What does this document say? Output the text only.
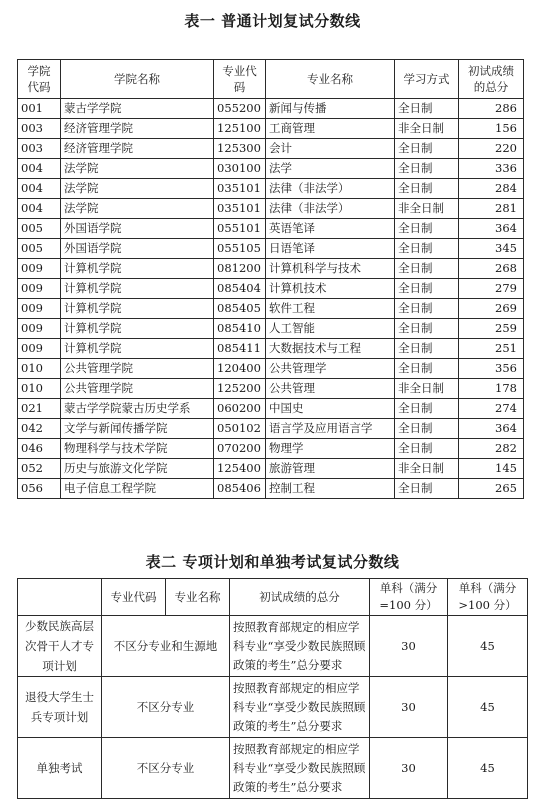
表一 普通计划复试分数线
学院代码	学院名称	专业代码	专业名称	学习方式	初试成绩的总分
001	蒙古学学院	055200	新闻与传播	全日制	286
003	经济管理学院	125100	工商管理	非全日制	156
003	经济管理学院	125300	会计	全日制	220
004	法学院	030100	法学	全日制	336
004	法学院	035101	法律（非法学）	全日制	284
004	法学院	035101	法律（非法学）	非全日制	281
005	外国语学院	055101	英语笔译	全日制	364
005	外国语学院	055105	日语笔译	全日制	345
009	计算机学院	081200	计算机科学与技术	全日制	268
009	计算机学院	085404	计算机技术	全日制	279
009	计算机学院	085405	软件工程	全日制	269
009	计算机学院	085410	人工智能	全日制	259
009	计算机学院	085411	大数据技术与工程	全日制	251
010	公共管理学院	120400	公共管理学	全日制	356
010	公共管理学院	125200	公共管理	非全日制	178
021	蒙古学学院蒙古历史学系	060200	中国史	全日制	274
042	文学与新闻传播学院	050102	语言学及应用语言学	全日制	364
046	物理科学与技术学院	070200	物理学	全日制	282
052	历史与旅游文化学院	125400	旅游管理	非全日制	145
056	电子信息工程学院	085406	控制工程	全日制	265
表二 专项计划和单独考试复试分数线
	专业代码	专业名称	初试成绩的总分	单科（满分=100 分）	单科（满分>100 分）
少数民族高层次骨干人才专项计划	不区分专业和生源地		按照教育部规定的相应学科专业“享受少数民族照顾政策的考生”总分要求	30	45
退役大学生士兵专项计划	不区分专业		按照教育部规定的相应学科专业“享受少数民族照顾政策的考生”总分要求	30	45
单独考试	不区分专业		按照教育部规定的相应学科专业“享受少数民族照顾政策的考生”总分要求	30	45
